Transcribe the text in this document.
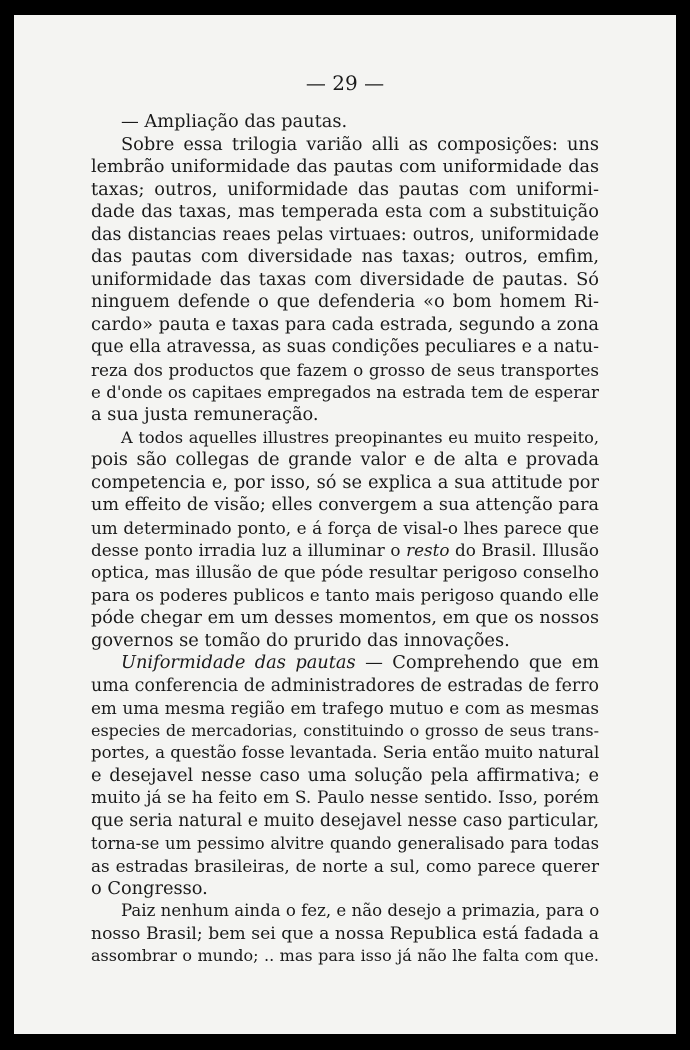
— 29 —
— Ampliação das pautas.
Sobre essa trilogia varião alli as composições: uns
lembrão uniformidade das pautas com uniformidade das
taxas; outros, uniformidade das pautas com uniformi-
dade das taxas, mas temperada esta com a substituição
das distancias reaes pelas virtuaes: outros, uniformidade
das pautas com diversidade nas taxas; outros, emfim,
uniformidade das taxas com diversidade de pautas. Só
ninguem defende o que defenderia «o bom homem Ri-
cardo» pauta e taxas para cada estrada, segundo a zona
que ella atravessa, as suas condições peculiares e a natu-
reza dos productos que fazem o grosso de seus transportes
e d'onde os capitaes empregados na estrada tem de esperar
a sua justa remuneração.
A todos aquelles illustres preopinantes eu muito respeito,
pois são collegas de grande valor e de alta e provada
competencia e, por isso, só se explica a sua attitude por
um effeito de visão; elles convergem a sua attenção para
um determinado ponto, e á força de visal-o lhes parece que
desse ponto irradia luz a illuminar o resto do Brasil. Illusão
optica, mas illusão de que póde resultar perigoso conselho
para os poderes publicos e tanto mais perigoso quando elle
póde chegar em um desses momentos, em que os nossos
governos se tomão do prurido das innovações.
Uniformidade das pautas — Comprehendo que em
uma conferencia de administradores de estradas de ferro
em uma mesma região em trafego mutuo e com as mesmas
especies de mercadorias, constituindo o grosso de seus trans-
portes, a questão fosse levantada. Seria então muito natural
e desejavel nesse caso uma solução pela affirmativa; e
muito já se ha feito em S. Paulo nesse sentido. Isso, porém
que seria natural e muito desejavel nesse caso particular,
torna-se um pessimo alvitre quando generalisado para todas
as estradas brasileiras, de norte a sul, como parece querer
o Congresso.
Paiz nenhum ainda o fez, e não desejo a primazia, para o
nosso Brasil; bem sei que a nossa Republica está fadada a
assombrar o mundo; .. mas para isso já não lhe falta com que.
